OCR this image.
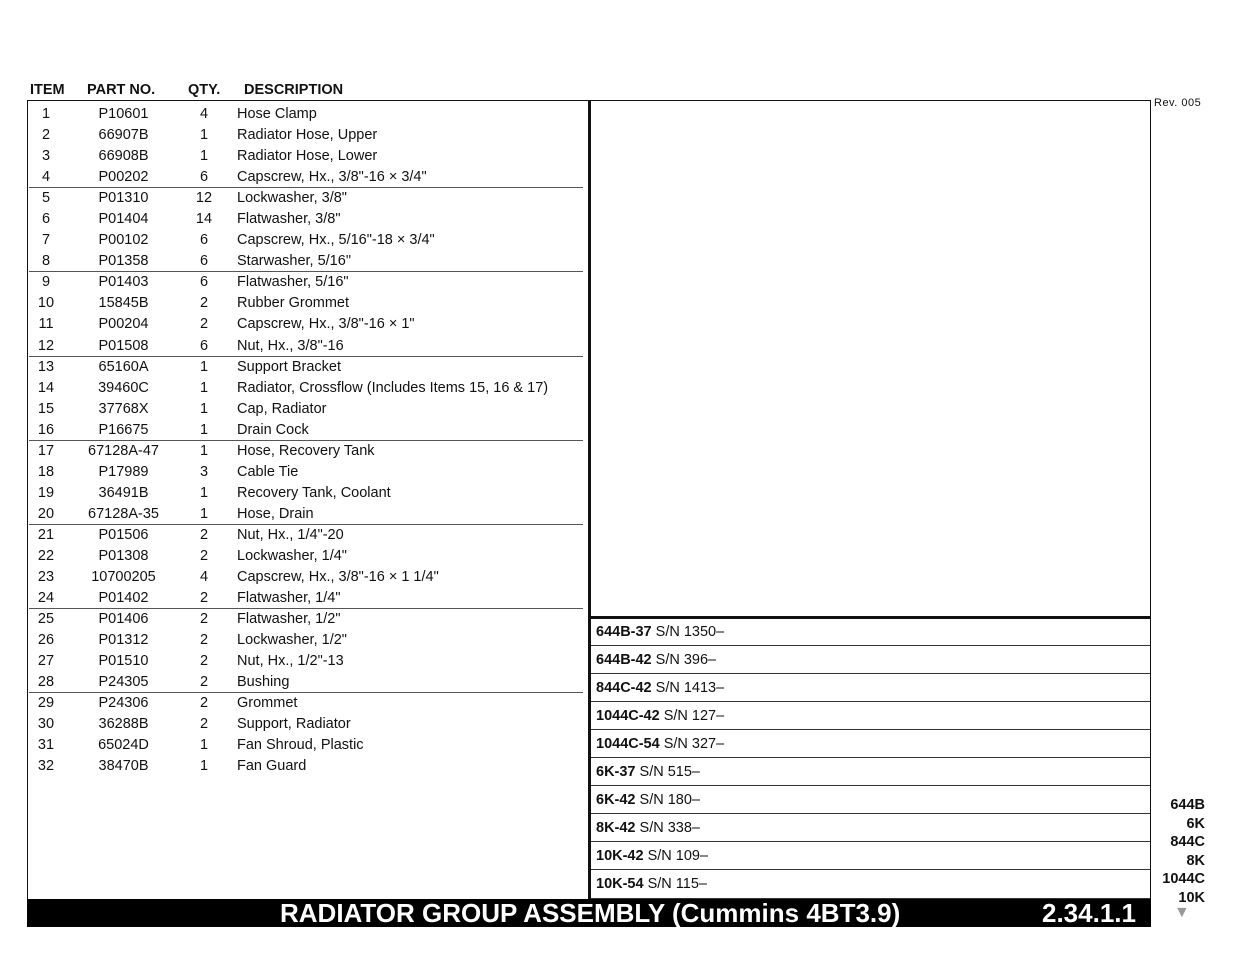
ITEM PART NO. QTY. DESCRIPTION
Rev. 005
1	P10601	4	Hose Clamp
2	66907B	1	Radiator Hose, Upper
3	66908B	1	Radiator Hose, Lower
4	P00202	6	Capscrew, Hx., 3/8"-16 × 3/4"
5	P01310	12	Lockwasher, 3/8"
6	P01404	14	Flatwasher, 3/8"
7	P00102	6	Capscrew, Hx., 5/16"-18 × 3/4"
8	P01358	6	Starwasher, 5/16"
9	P01403	6	Flatwasher, 5/16"
10	15845B	2	Rubber Grommet
11	P00204	2	Capscrew, Hx., 3/8"-16 × 1"
12	P01508	6	Nut, Hx., 3/8"-16
13	65160A	1	Support Bracket
14	39460C	1	Radiator, Crossflow (Includes Items 15, 16 & 17)
15	37768X	1	Cap, Radiator
16	P16675	1	Drain Cock
17	67128A-47	1	Hose, Recovery Tank
18	P17989	3	Cable Tie
19	36491B	1	Recovery Tank, Coolant
20	67128A-35	1	Hose, Drain
21	P01506	2	Nut, Hx., 1/4"-20
22	P01308	2	Lockwasher, 1/4"
23	10700205	4	Capscrew, Hx., 3/8"-16 × 1 1/4"
24	P01402	2	Flatwasher, 1/4"
25	P01406	2	Flatwasher, 1/2"
26	P01312	2	Lockwasher, 1/2"
27	P01510	2	Nut, Hx., 1/2"-13
28	P24305	2	Bushing
29	P24306	2	Grommet
30	36288B	2	Support, Radiator
31	65024D	1	Fan Shroud, Plastic
32	38470B	1	Fan Guard
644B-37 S/N 1350–
644B-42 S/N 396–
844C-42 S/N 1413–
1044C-42 S/N 127–
1044C-54 S/N 327–
6K-37 S/N 515–
6K-42 S/N 180–
8K-42 S/N 338–
10K-42 S/N 109–
10K-54 S/N 115–
RADIATOR GROUP ASSEMBLY (Cummins 4BT3.9)	2.34.1.1
644B
6K
844C
8K
1044C
10K
▼
